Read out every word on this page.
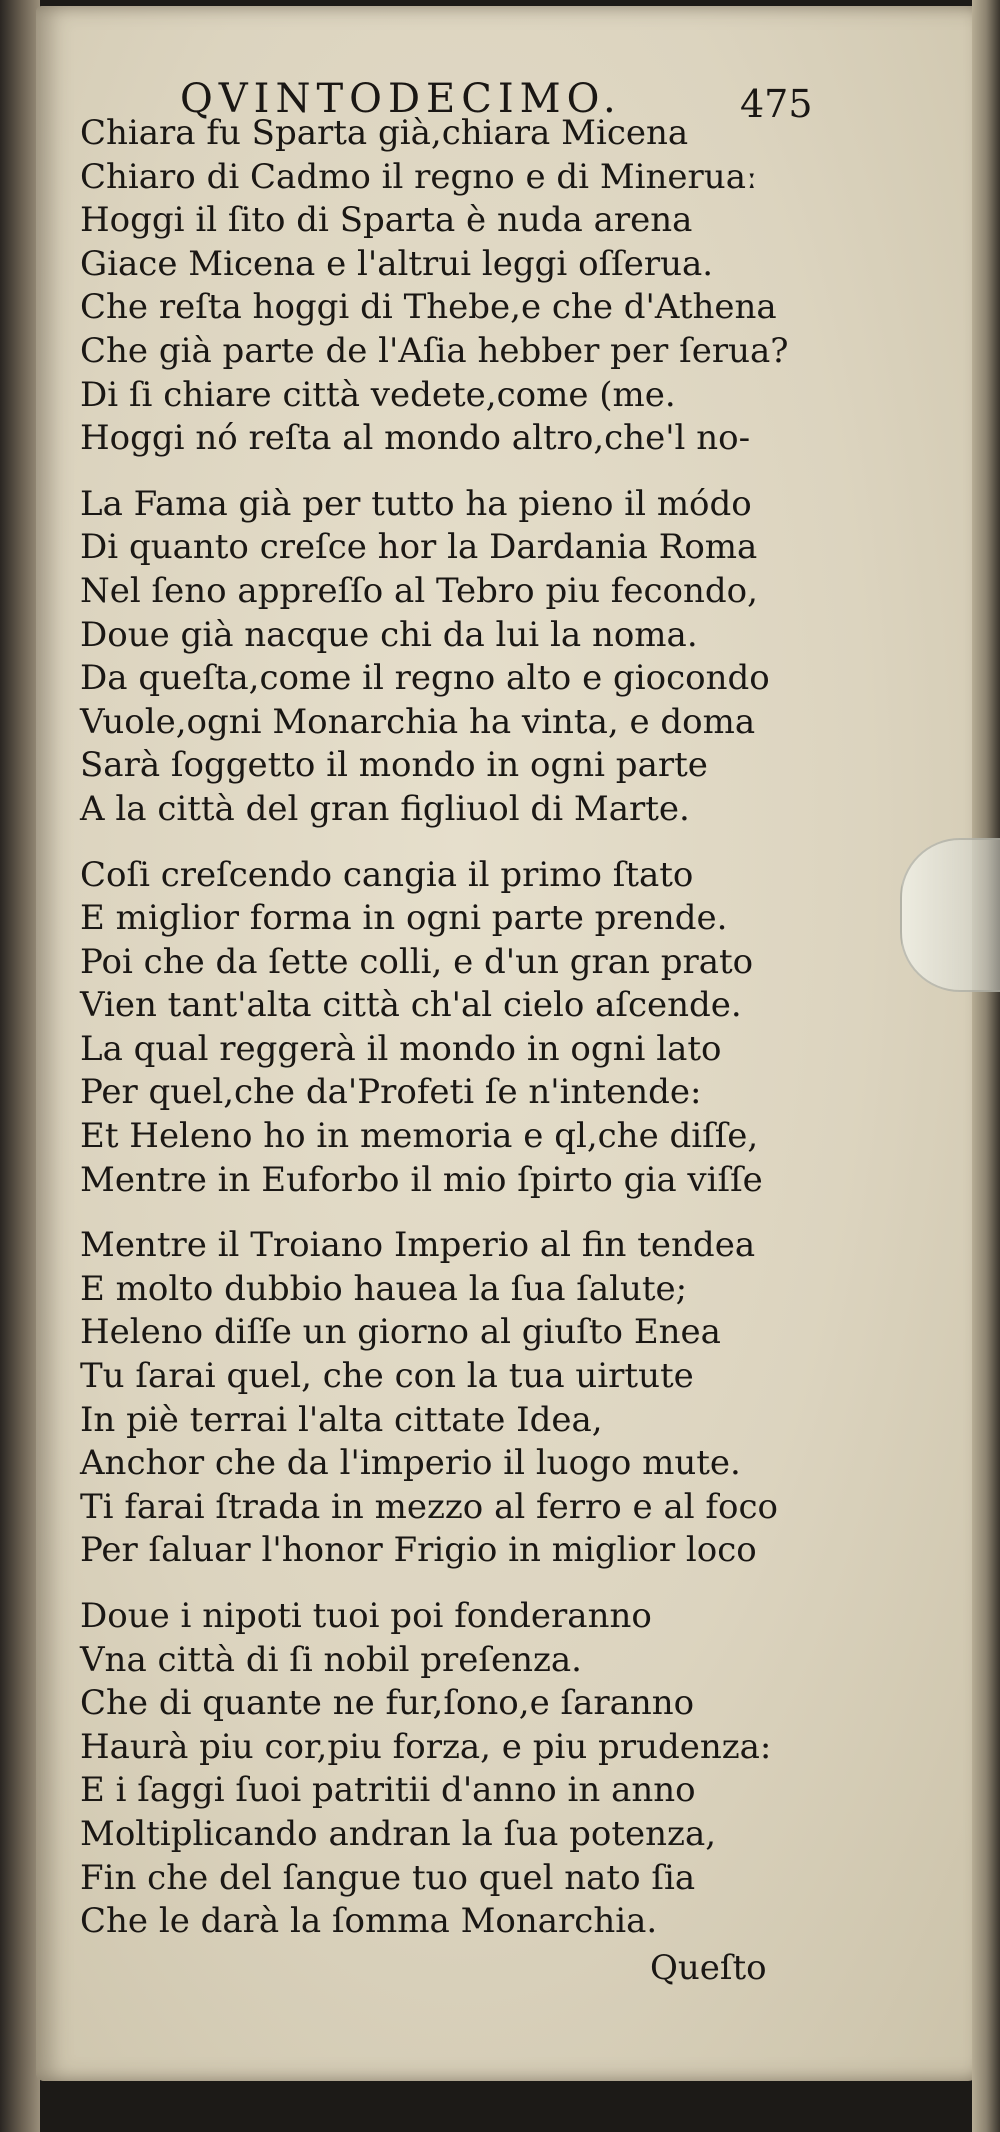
QVINTODECIMO.	475
Chiara fu Sparta già,chiara Micena
Chiaro di Cadmo il regno e di Mineruaː
Hoggi il ſito di Sparta è nuda arena
Giace Micena e l'altrui leggi oſſerua.
Che reſta hoggi di Thebe,e che d'Athena
Che già parte de l'Aſia hebber per ſerua?
Di ſi chiare città vedete,come (me.
Hoggi nó reſta al mondo altro,che'l no-
La Fama già per tutto ha pieno il módo
Di quanto creſce hor la Dardania Roma
Nel ſeno appreſſo al Tebro piu fecondo,
Doue già nacque chi da lui la noma.
Da queſta,come il regno alto e giocondo
Vuole,ogni Monarchia ha vinta, e doma
Sarà ſoggetto il mondo in ogni parte
A la città del gran figliuol di Marte.
Coſi creſcendo cangia il primo ſtato
E miglior forma in ogni parte prende.
Poi che da ſette colli, e d'un gran prato
Vien tant'alta città ch'al cielo aſcende.
La qual reggerà il mondo in ogni lato
Per quel,che da'Profeti ſe n'intende:
Et Heleno ho in memoria e ql,che diſſe,
Mentre in Euforbo il mio ſpirto gia viſſe
Mentre il Troiano Imperio al fin tendea
E molto dubbio hauea la ſua ſalute;
Heleno diſſe un giorno al giuſto Enea
Tu ſarai quel, che con la tua uirtute
In piè terrai l'alta cittate Idea,
Anchor che da l'imperio il luogo mute.
Ti farai ſtrada in mezzo al ferro e al foco
Per ſaluar l'honor Frigio in miglior loco
Doue i nipoti tuoi poi fonderanno
Vna città di ſi nobil preſenza.
Che di quante ne fur,ſono,e ſaranno
Haurà piu cor,piu forza, e piu prudenza:
E i ſaggi ſuoi patritii d'anno in anno
Moltiplicando andran la ſua potenza,
Fin che del ſangue tuo quel nato ſia
Che le darà la ſomma Monarchia.
Queſto
